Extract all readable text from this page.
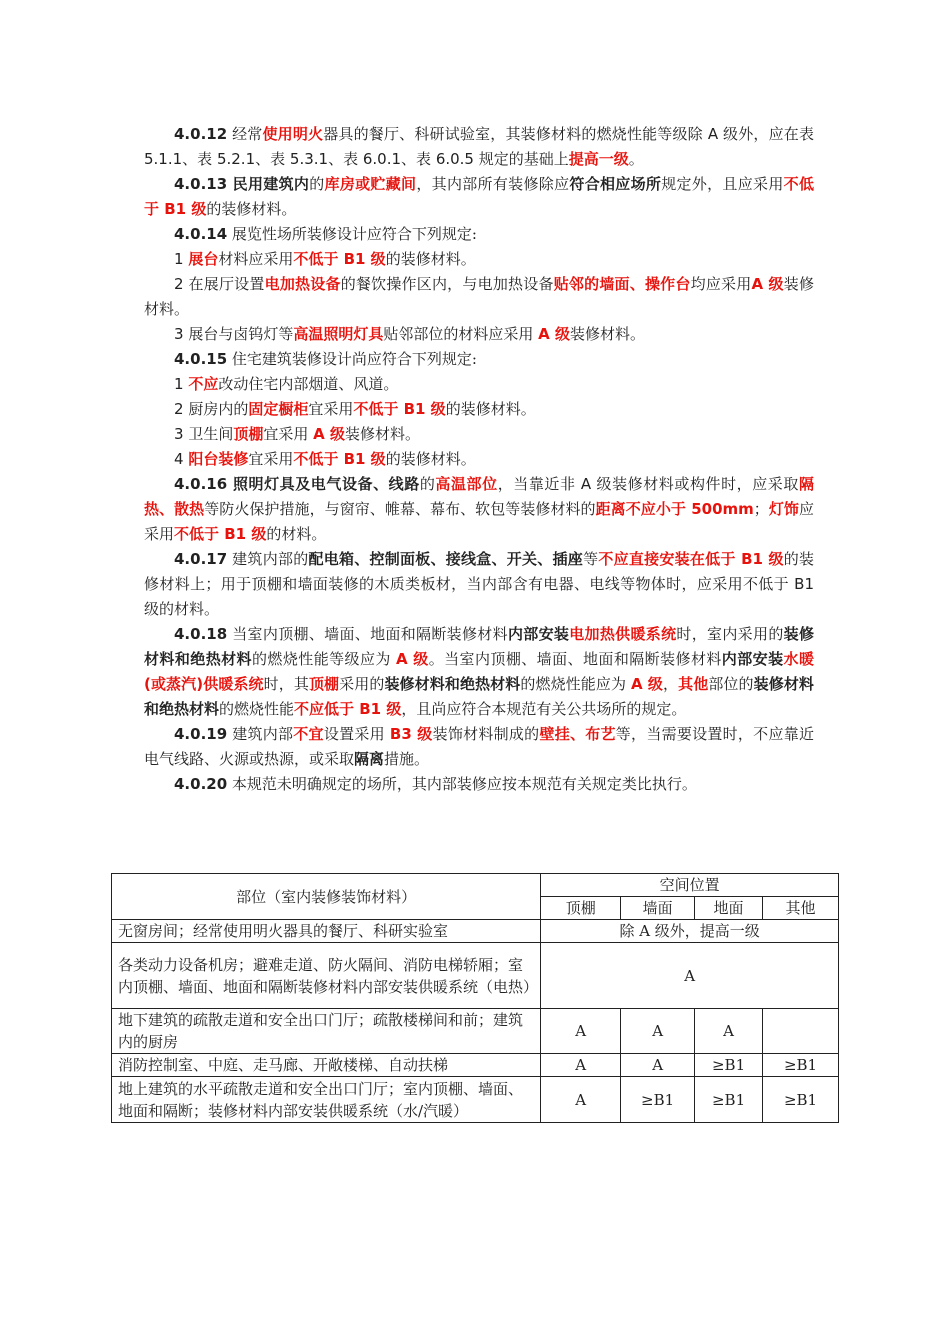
4.0.12 经常使用明火器具的餐厅、科研试验室，其装修材料的燃烧性能等级除 A 级外，应在表 5.1.1、表 5.2.1、表 5.3.1、表 6.0.1、表 6.0.5 规定的基础上提高一级。

4.0.13 民用建筑内的库房或贮藏间，其内部所有装修除应符合相应场所规定外，且应采用不低于 B1 级的装修材料。

4.0.14 展览性场所装修设计应符合下列规定:

1 展台材料应采用不低于 B1 级的装修材料。

2 在展厅设置电加热设备的餐饮操作区内，与电加热设备贴邻的墙面、操作台均应采用A 级装修材料。

3 展台与卤钨灯等高温照明灯具贴邻部位的材料应采用 A 级装修材料。

4.0.15 住宅建筑装修设计尚应符合下列规定:

1 不应改动住宅内部烟道、风道。

2 厨房内的固定橱柜宜采用不低于 B1 级的装修材料。

3 卫生间顶棚宜采用 A 级装修材料。

4 阳台装修宜采用不低于 B1 级的装修材料。

4.0.16 照明灯具及电气设备、线路的高温部位，当靠近非 A 级装修材料或构件时，应采取隔热、散热等防火保护措施，与窗帘、帷幕、幕布、软包等装修材料的距离不应小于 500mm；灯饰应采用不低于 B1 级的材料。

4.0.17 建筑内部的配电箱、控制面板、接线盒、开关、插座等不应直接安装在低于 B1 级的装修材料上；用于顶棚和墙面装修的木质类板材，当内部含有电器、电线等物体时，应采用不低于 B1 级的材料。

4.0.18 当室内顶棚、墙面、地面和隔断装修材料内部安装电加热供暖系统时，室内采用的装修材料和绝热材料的燃烧性能等级应为 A 级。当室内顶棚、墙面、地面和隔断装修材料内部安装水暖(或蒸汽)供暖系统时，其顶棚采用的装修材料和绝热材料的燃烧性能应为 A 级，其他部位的装修材料和绝热材料的燃烧性能不应低于 B1 级，且尚应符合本规范有关公共场所的规定。

4.0.19 建筑内部不宜设置采用 B3 级装饰材料制成的壁挂、布艺等，当需要设置时，不应靠近电气线路、火源或热源，或采取隔离措施。

4.0.20 本规范未明确规定的场所，其内部装修应按本规范有关规定类比执行。

部位（室内装修装饰材料）	空间位置			
	顶棚	墙面	地面	其他
无窗房间；经常使用明火器具的餐厅、科研实验室	除 A 级外，提高一级			
各类动力设备机房；避难走道、防火隔间、消防电梯轿厢；室内顶棚、墙面、地面和隔断装修材料内部安装供暖系统（电热）	A			
地下建筑的疏散走道和安全出口门厅；疏散楼梯间和前；建筑内的厨房	A	A	A	
消防控制室、中庭、走马廊、开敞楼梯、自动扶梯	A	A	≥B1	≥B1
地上建筑的水平疏散走道和安全出口门厅；室内顶棚、墙面、地面和隔断；装修材料内部安装供暖系统（水/汽暖）	A	≥B1	≥B1	≥B1
